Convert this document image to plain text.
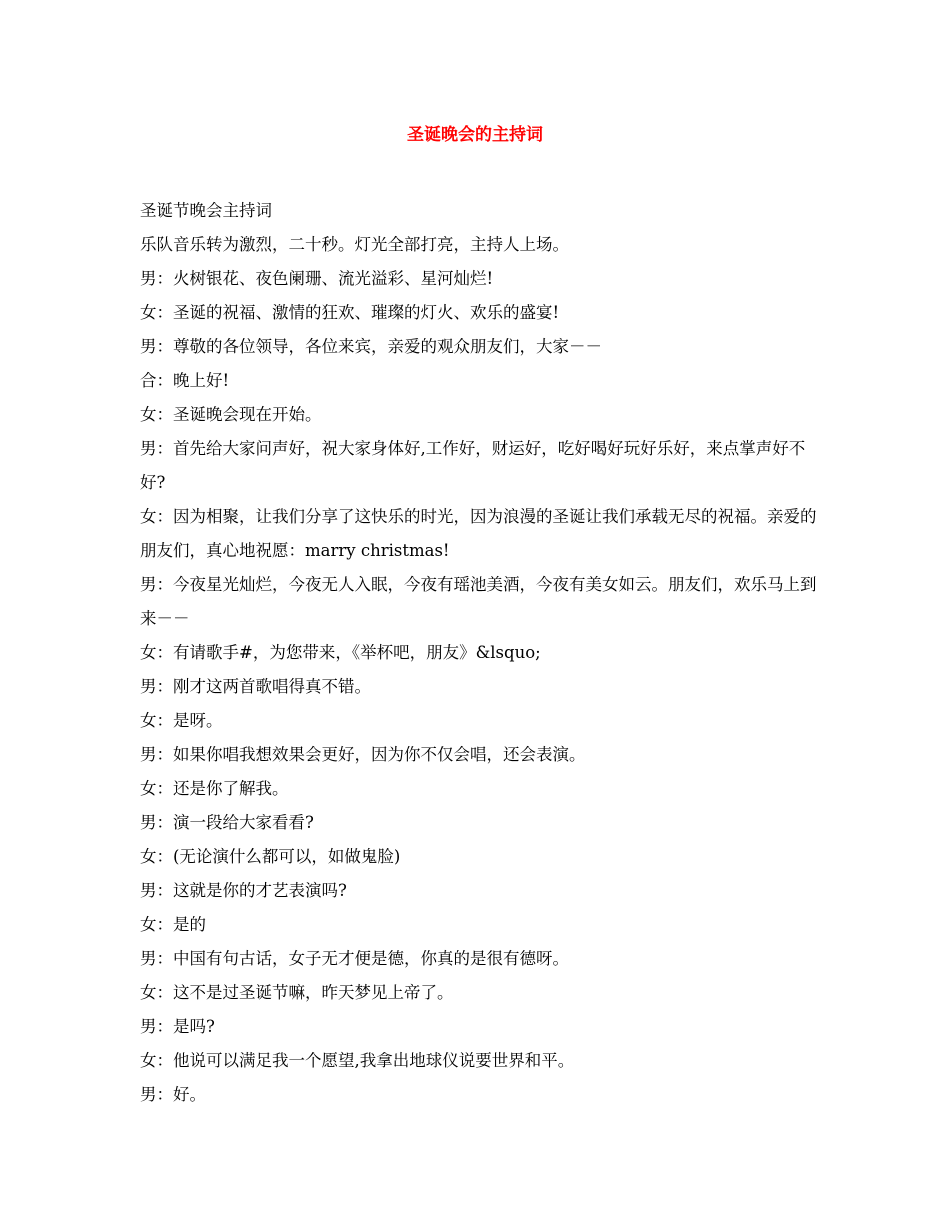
圣诞晚会的主持词

圣诞节晚会主持词

乐队音乐转为激烈，二十秒。灯光全部打亮，主持人上场。

男：火树银花、夜色阑珊、流光溢彩、星河灿烂!

女：圣诞的祝福、激情的狂欢、璀璨的灯火、欢乐的盛宴!

男：尊敬的各位领导，各位来宾，亲爱的观众朋友们，大家－－

合：晚上好!

女：圣诞晚会现在开始。

男：首先给大家问声好，祝大家身体好,工作好，财运好，吃好喝好玩好乐好，来点掌声好不好?

女：因为相聚，让我们分享了这快乐的时光，因为浪漫的圣诞让我们承载无尽的祝福。亲爱的朋友们，真心地祝愿：marry christmas!

男：今夜星光灿烂，今夜无人入眠，今夜有瑶池美酒，今夜有美女如云。朋友们，欢乐马上到来－－

女：有请歌手#，为您带来，《举杯吧，朋友》&lsquo;

男：刚才这两首歌唱得真不错。

女：是呀。

男：如果你唱我想效果会更好，因为你不仅会唱，还会表演。

女：还是你了解我。

男：演一段给大家看看?

女：(无论演什么都可以，如做鬼脸)

男：这就是你的才艺表演吗?

女：是的

男：中国有句古话，女子无才便是德，你真的是很有德呀。

女：这不是过圣诞节嘛，昨天梦见上帝了。

男：是吗?

女：他说可以满足我一个愿望,我拿出地球仪说要世界和平。

男：好。
